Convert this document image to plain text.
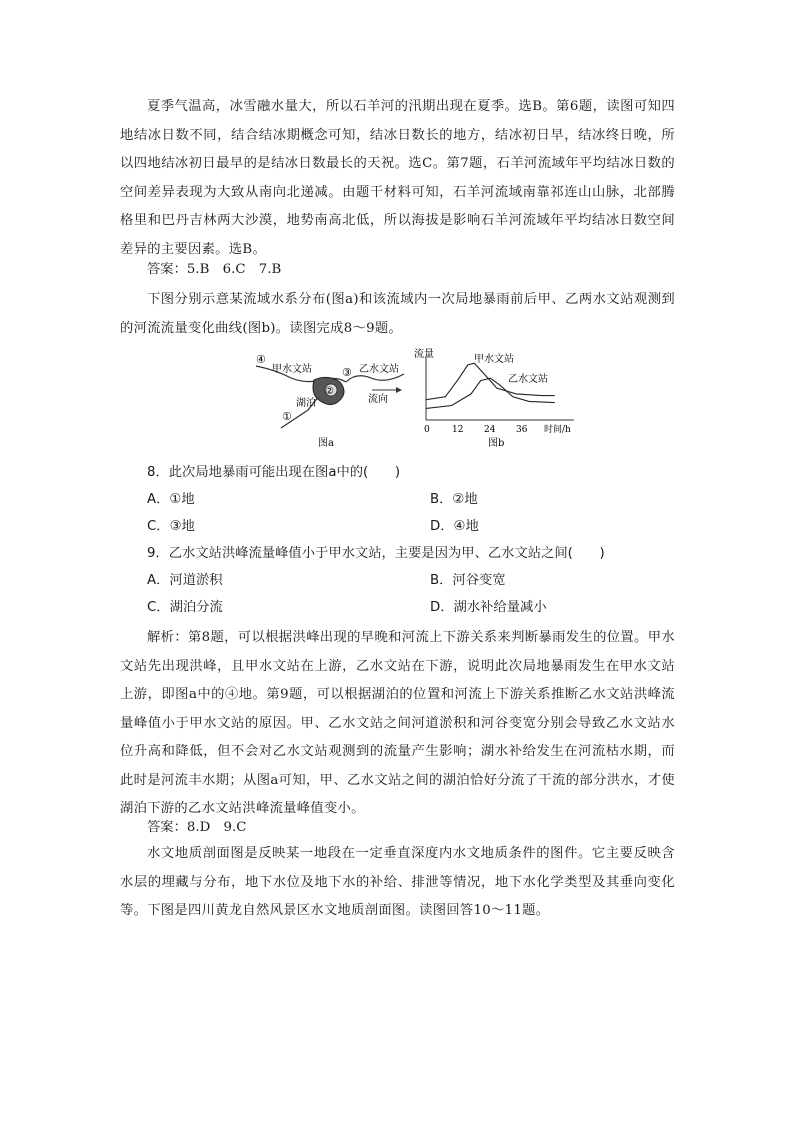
夏季气温高，冰雪融水量大，所以石羊河的汛期出现在夏季。选B。第6题，读图可知四地结冰日数不同，结合结冰期概念可知，结冰日数长的地方，结冰初日早，结冰终日晚，所以四地结冰初日最早的是结冰日数最长的天祝。选C。第7题，石羊河流域年平均结冰日数的空间差异表现为大致从南向北递减。由题干材料可知，石羊河流域南靠祁连山山脉，北部腾格里和巴丹吉林两大沙漠，地势南高北低，所以海拔是影响石羊河流域年平均结冰日数空间差异的主要因素。选B。

答案：5.B　6.C　7.B

下图分别示意某流域水系分布(图a)和该流域内一次局地暴雨前后甲、乙两水文站观测到的河流流量变化曲线(图b)。读图完成8～9题。

④
甲水文站	③ 乙水文站
②
湖泊	流向
①
图a
流量
时间/h
0 12 24 36
甲水文站
乙水文站
图b

8．此次局地暴雨可能出现在图a中的(　　)

A．①地	B．②地

C．③地	D．④地

9．乙水文站洪峰流量峰值小于甲水文站，主要是因为甲、乙水文站之间(　　)

A．河道淤积	B．河谷变宽

C．湖泊分流	D．湖水补给量减小

解析：第8题，可以根据洪峰出现的早晚和河流上下游关系来判断暴雨发生的位置。甲水文站先出现洪峰，且甲水文站在上游，乙水文站在下游，说明此次局地暴雨发生在甲水文站上游，即图a中的④地。第9题，可以根据湖泊的位置和河流上下游关系推断乙水文站洪峰流量峰值小于甲水文站的原因。甲、乙水文站之间河道淤积和河谷变宽分别会导致乙水文站水位升高和降低，但不会对乙水文站观测到的流量产生影响；湖水补给发生在河流枯水期，而此时是河流丰水期；从图a可知，甲、乙水文站之间的湖泊恰好分流了干流的部分洪水，才使湖泊下游的乙水文站洪峰流量峰值变小。

答案：8.D　9.C

水文地质剖面图是反映某一地段在一定垂直深度内水文地质条件的图件。它主要反映含水层的埋藏与分布，地下水位及地下水的补给、排泄等情况，地下水化学类型及其垂向变化等。下图是四川黄龙自然风景区水文地质剖面图。读图回答10～11题。
